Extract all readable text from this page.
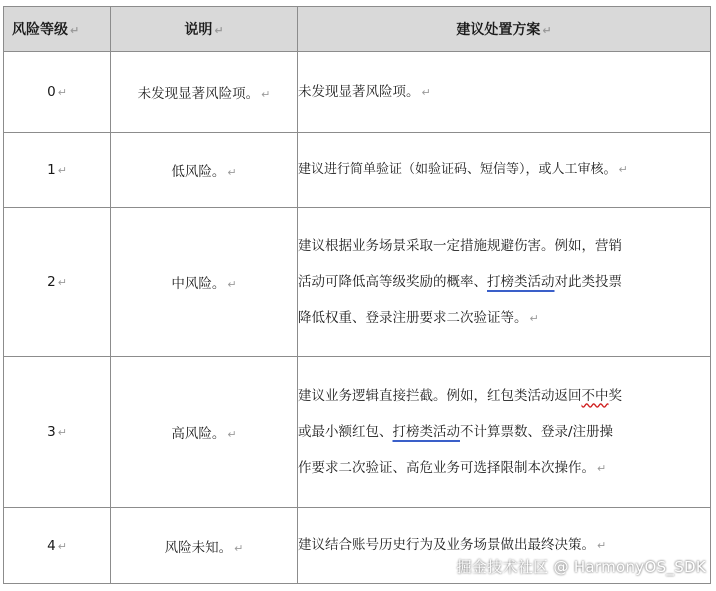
风险等级 ↵	说明 ↵	建议处置方案 ↵
0 ↵	未发现显著风险项。 ↵	未发现显著风险项。 ↵
1 ↵	低风险。 ↵	建议进行简单验证（如验证码、短信等），或人工审核。 ↵
2 ↵	中风险。 ↵	建议根据业务场景采取一定措施规避伤害。例如，营销
活动可降低高等级奖励的概率、打榜类活动对此类投票
降低权重、登录注册要求二次验证等。 ↵
3 ↵	高风险。 ↵	建议业务逻辑直接拦截。例如，红包类活动返回不中奖
或最小额红包、打榜类活动不计算票数、登录/注册操
作要求二次验证、高危业务可选择限制本次操作。 ↵
4 ↵	风险未知。 ↵	建议结合账号历史行为及业务场景做出最终决策。 ↵
掘金技术社区 @ HarmonyOS_SDK
